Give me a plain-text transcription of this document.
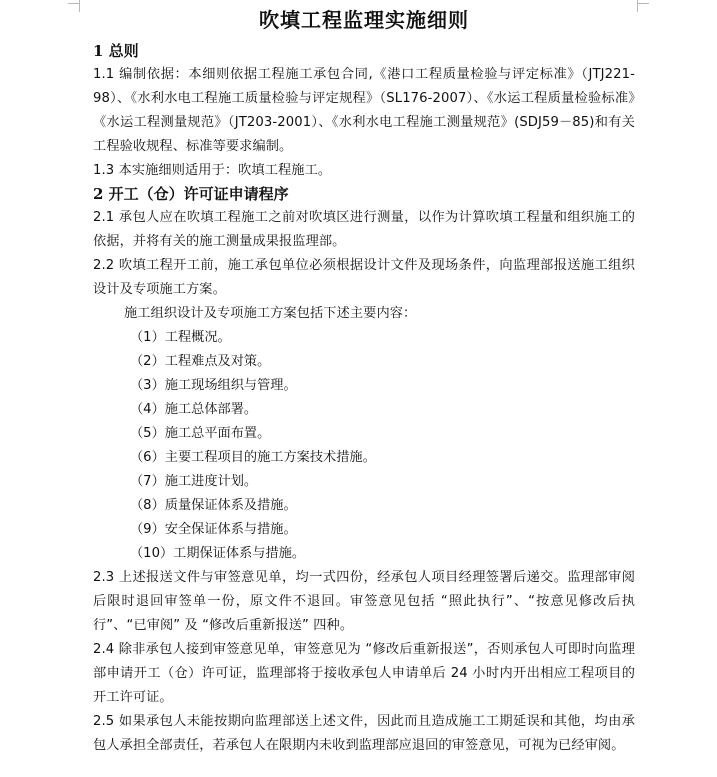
吹填工程监理实施细则
1 总则

1.1 编制依据：本细则依据工程施工承包合同,《港口工程质量检验与评定标准》（JTJ221-98）、《水利水电工程施工质量检验与评定规程》（SL176-2007）、《水运工程质量检验标准》《水运工程测量规范》（JT203-2001）、《水利水电工程施工测量规范》(SDJ59－85)和有关工程验收规程、标准等要求编制。

1.3 本实施细则适用于：吹填工程施工。

2 开工（仓）许可证申请程序

2.1 承包人应在吹填工程施工之前对吹填区进行测量，以作为计算吹填工程量和组织施工的依据，并将有关的施工测量成果报监理部。

2.2 吹填工程开工前，施工承包单位必须根据设计文件及现场条件，向监理部报送施工组织设计及专项施工方案。

施工组织设计及专项施工方案包括下述主要内容：

（1）工程概况。

（2）工程难点及对策。

（3）施工现场组织与管理。

（4）施工总体部署。

（5）施工总平面布置。

（6）主要工程项目的施工方案技术措施。

（7）施工进度计划。

（8）质量保证体系及措施。

（9）安全保证体系与措施。

（10）工期保证体系与措施。

2.3 上述报送文件与审签意见单，均一式四份，经承包人项目经理签署后递交。监理部审阅后限时退回审签单一份，原文件不退回。审签意见包括 “照此执行”、“按意见修改后执行”、“已审阅” 及 “修改后重新报送” 四种。

2.4 除非承包人接到审签意见单，审签意见为 “修改后重新报送”，否则承包人可即时向监理部申请开工（仓）许可证，监理部将于接收承包人申请单后 24 小时内开出相应工程项目的开工许可证。

2.5 如果承包人未能按期向监理部送上述文件，因此而且造成施工工期延误和其他，均由承包人承担全部责任，若承包人在限期内未收到监理部应退回的审签意见，可视为已经审阅。
